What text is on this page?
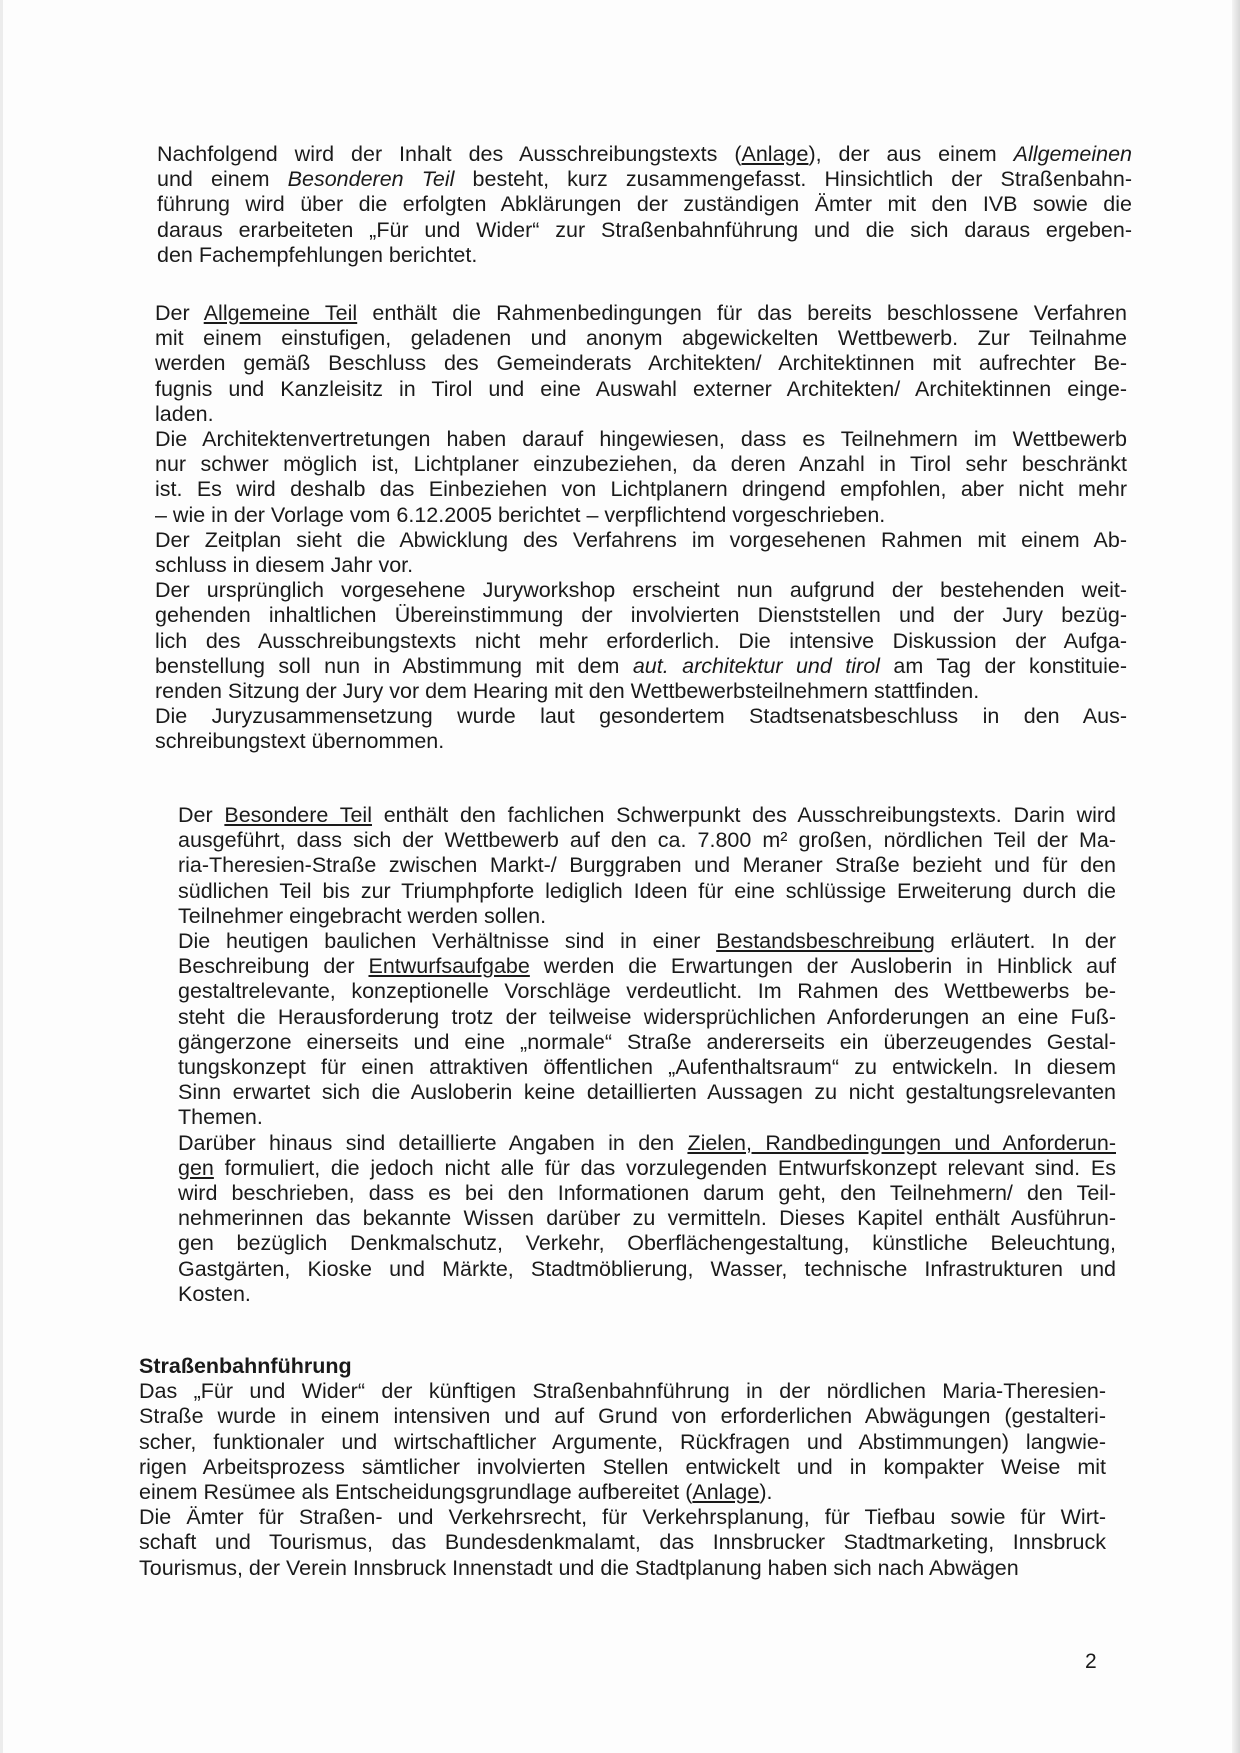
Nachfolgend wird der Inhalt des Ausschreibungstexts (Anlage), der aus einem Allgemeinen
und einem Besonderen Teil besteht, kurz zusammengefasst. Hinsichtlich der Straßenbahn-
führung wird über die erfolgten Abklärungen der zuständigen Ämter mit den IVB sowie die
daraus erarbeiteten „Für und Wider“ zur Straßenbahnführung und die sich daraus ergeben-
den Fachempfehlungen berichtet.
Der Allgemeine Teil enthält die Rahmenbedingungen für das bereits beschlossene Verfahren
mit einem einstufigen, geladenen und anonym abgewickelten Wettbewerb. Zur Teilnahme
werden gemäß Beschluss des Gemeinderats Architekten/ Architektinnen mit aufrechter Be-
fugnis und Kanzleisitz in Tirol und eine Auswahl externer Architekten/ Architektinnen einge-
laden.
Die Architektenvertretungen haben darauf hingewiesen, dass es Teilnehmern im Wettbewerb
nur schwer möglich ist, Lichtplaner einzubeziehen, da deren Anzahl in Tirol sehr beschränkt
ist. Es wird deshalb das Einbeziehen von Lichtplanern dringend empfohlen, aber nicht mehr
– wie in der Vorlage vom 6.12.2005 berichtet – verpflichtend vorgeschrieben.
Der Zeitplan sieht die Abwicklung des Verfahrens im vorgesehenen Rahmen mit einem Ab-
schluss in diesem Jahr vor.
Der ursprünglich vorgesehene Juryworkshop erscheint nun aufgrund der bestehenden weit-
gehenden inhaltlichen Übereinstimmung der involvierten Dienststellen und der Jury bezüg-
lich des Ausschreibungstexts nicht mehr erforderlich. Die intensive Diskussion der Aufga-
benstellung soll nun in Abstimmung mit dem aut. architektur und tirol am Tag der konstituie-
renden Sitzung der Jury vor dem Hearing mit den Wettbewerbsteilnehmern stattfinden.
Die Juryzusammensetzung wurde laut gesondertem Stadtsenatsbeschluss in den Aus-
schreibungstext übernommen.
Der Besondere Teil enthält den fachlichen Schwerpunkt des Ausschreibungstexts. Darin wird
ausgeführt, dass sich der Wettbewerb auf den ca. 7.800 m² großen, nördlichen Teil der Ma-
ria-Theresien-Straße zwischen Markt-/ Burggraben und Meraner Straße bezieht und für den
südlichen Teil bis zur Triumphpforte lediglich Ideen für eine schlüssige Erweiterung durch die
Teilnehmer eingebracht werden sollen.
Die heutigen baulichen Verhältnisse sind in einer Bestandsbeschreibung erläutert. In der
Beschreibung der Entwurfsaufgabe werden die Erwartungen der Ausloberin in Hinblick auf
gestaltrelevante, konzeptionelle Vorschläge verdeutlicht. Im Rahmen des Wettbewerbs be-
steht die Herausforderung trotz der teilweise widersprüchlichen Anforderungen an eine Fuß-
gängerzone einerseits und eine „normale“ Straße andererseits ein überzeugendes Gestal-
tungskonzept für einen attraktiven öffentlichen „Aufenthaltsraum“ zu entwickeln. In diesem
Sinn erwartet sich die Ausloberin keine detaillierten Aussagen zu nicht gestaltungsrelevanten
Themen.
Darüber hinaus sind detaillierte Angaben in den Zielen, Randbedingungen und Anforderun-
gen formuliert, die jedoch nicht alle für das vorzulegenden Entwurfskonzept relevant sind. Es
wird beschrieben, dass es bei den Informationen darum geht, den Teilnehmern/ den Teil-
nehmerinnen das bekannte Wissen darüber zu vermitteln. Dieses Kapitel enthält Ausführun-
gen bezüglich Denkmalschutz, Verkehr, Oberflächengestaltung, künstliche Beleuchtung,
Gastgärten, Kioske und Märkte, Stadtmöblierung, Wasser, technische Infrastrukturen und
Kosten.
Straßenbahnführung
Das „Für und Wider“ der künftigen Straßenbahnführung in der nördlichen Maria-Theresien-
Straße wurde in einem intensiven und auf Grund von erforderlichen Abwägungen (gestalteri-
scher, funktionaler und wirtschaftlicher Argumente, Rückfragen und Abstimmungen) langwie-
rigen Arbeitsprozess sämtlicher involvierten Stellen entwickelt und in kompakter Weise mit
einem Resümee als Entscheidungsgrundlage aufbereitet (Anlage).
Die Ämter für Straßen- und Verkehrsrecht, für Verkehrsplanung, für Tiefbau sowie für Wirt-
schaft und Tourismus, das Bundesdenkmalamt, das Innsbrucker Stadtmarketing, Innsbruck
Tourismus, der Verein Innsbruck Innenstadt und die Stadtplanung haben sich nach Abwägen
2
